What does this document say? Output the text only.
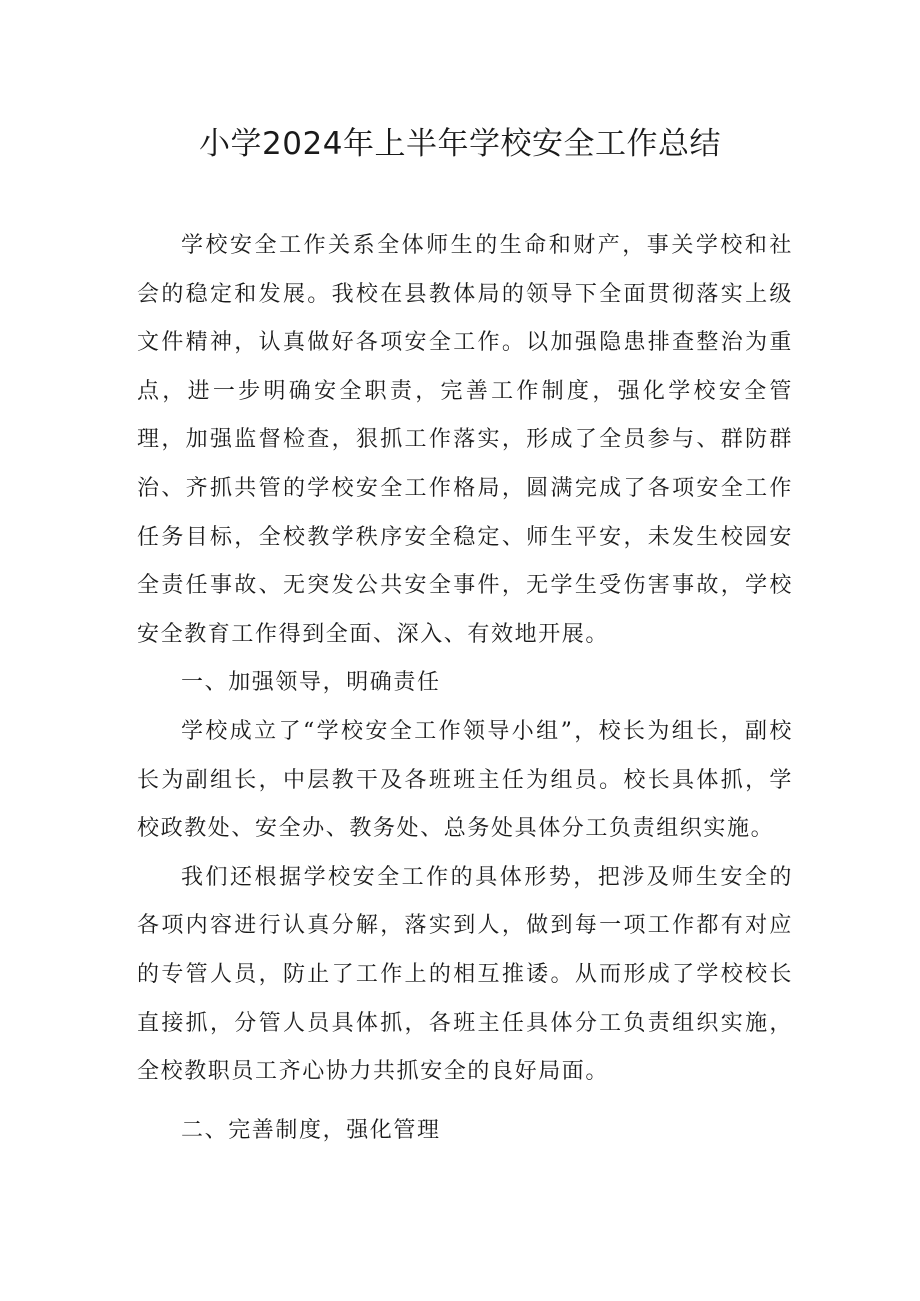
小学2024年上半年学校安全工作总结

学校安全工作关系全体师生的生命和财产，事关学校和社会的稳定和发展。我校在县教体局的领导下全面贯彻落实上级文件精神，认真做好各项安全工作。以加强隐患排查整治为重点，进一步明确安全职责，完善工作制度，强化学校安全管理，加强监督检查，狠抓工作落实，形成了全员参与、群防群治、齐抓共管的学校安全工作格局，圆满完成了各项安全工作任务目标，全校教学秩序安全稳定、师生平安，未发生校园安全责任事故、无突发公共安全事件，无学生受伤害事故，学校安全教育工作得到全面、深入、有效地开展。

一、加强领导，明确责任

学校成立了“学校安全工作领导小组”，校长为组长，副校长为副组长，中层教干及各班班主任为组员。校长具体抓，学校政教处、安全办、教务处、总务处具体分工负责组织实施。

我们还根据学校安全工作的具体形势，把涉及师生安全的各项内容进行认真分解，落实到人，做到每一项工作都有对应的专管人员，防止了工作上的相互推诿。从而形成了学校校长直接抓，分管人员具体抓，各班主任具体分工负责组织实施，全校教职员工齐心协力共抓安全的良好局面。

二、完善制度，强化管理
